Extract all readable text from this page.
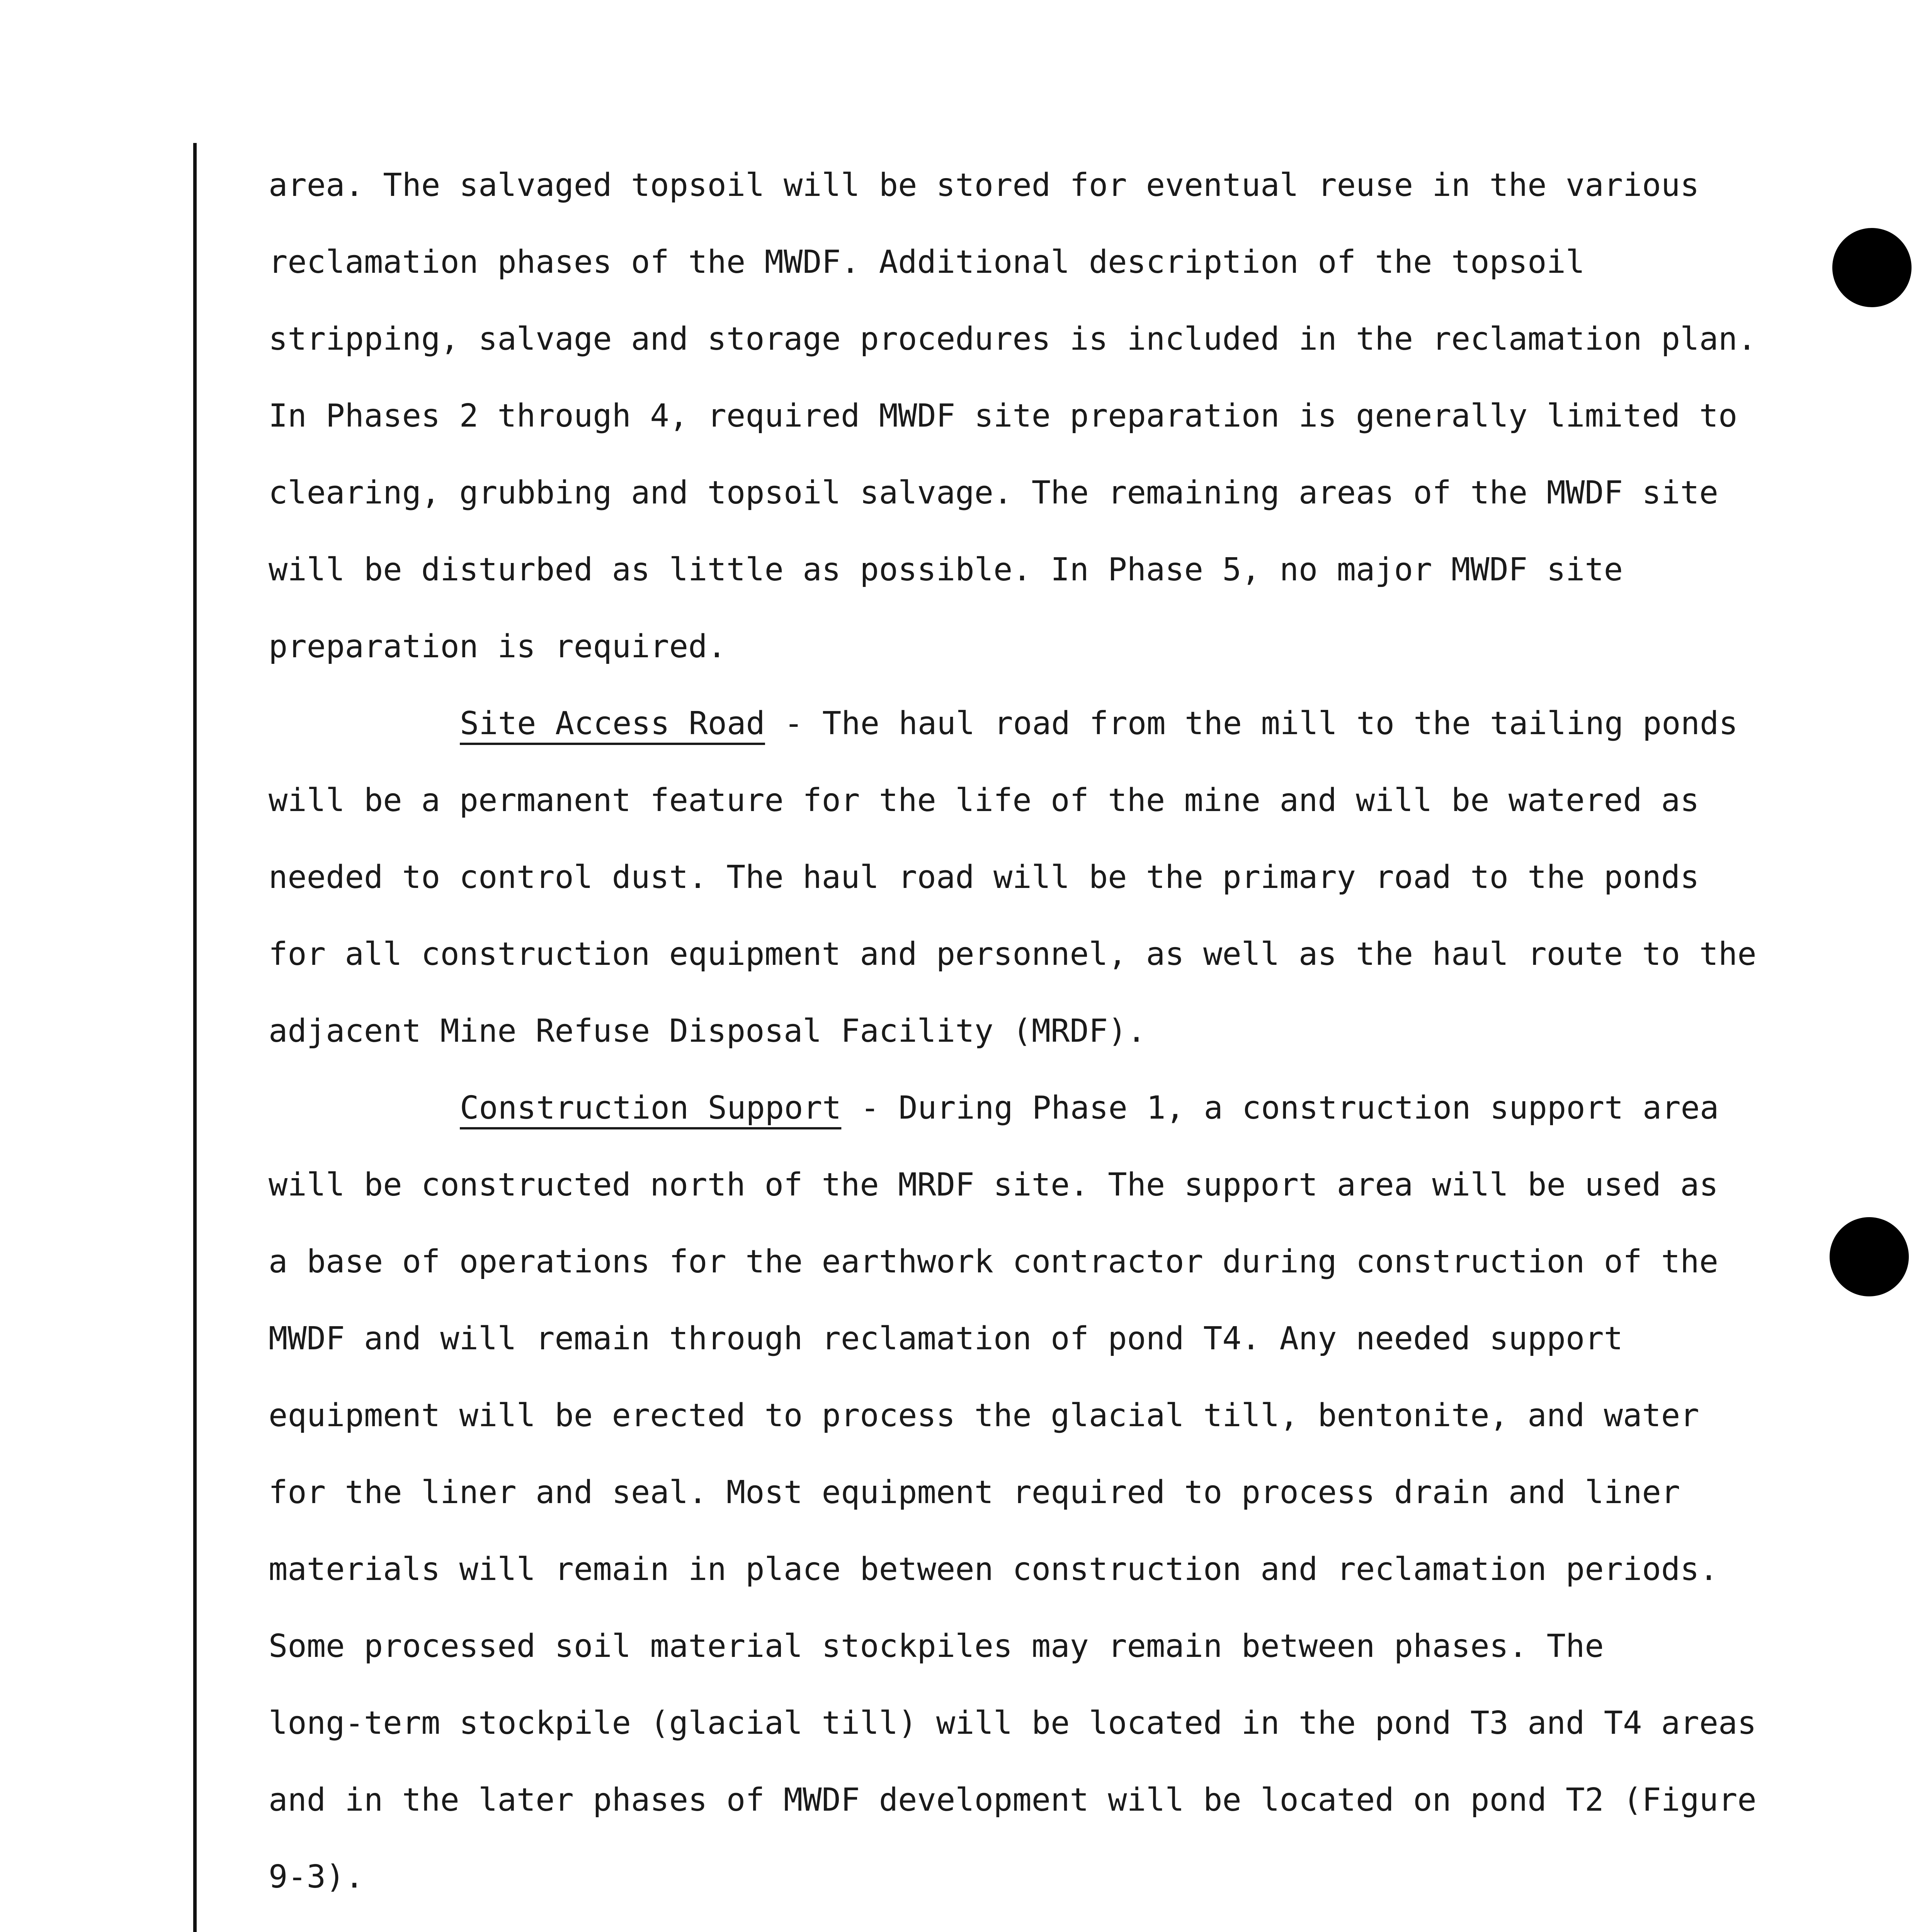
area. The salvaged topsoil will be stored for eventual reuse in the various
reclamation phases of the MWDF. Additional description of the topsoil
stripping, salvage and storage procedures is included in the reclamation plan.
In Phases 2 through 4, required MWDF site preparation is generally limited to
clearing, grubbing and topsoil salvage. The remaining areas of the MWDF site
will be disturbed as little as possible. In Phase 5, no major MWDF site
preparation is required.
Site Access Road - The haul road from the mill to the tailing ponds
will be a permanent feature for the life of the mine and will be watered as
needed to control dust. The haul road will be the primary road to the ponds
for all construction equipment and personnel, as well as the haul route to the
adjacent Mine Refuse Disposal Facility (MRDF).
Construction Support - During Phase 1, a construction support area
will be constructed north of the MRDF site. The support area will be used as
a base of operations for the earthwork contractor during construction of the
MWDF and will remain through reclamation of pond T4. Any needed support
equipment will be erected to process the glacial till, bentonite, and water
for the liner and seal. Most equipment required to process drain and liner
materials will remain in place between construction and reclamation periods.
Some processed soil material stockpiles may remain between phases. The
long-term stockpile (glacial till) will be located in the pond T3 and T4 areas
and in the later phases of MWDF development will be located on pond T2 (Figure
9-3).
